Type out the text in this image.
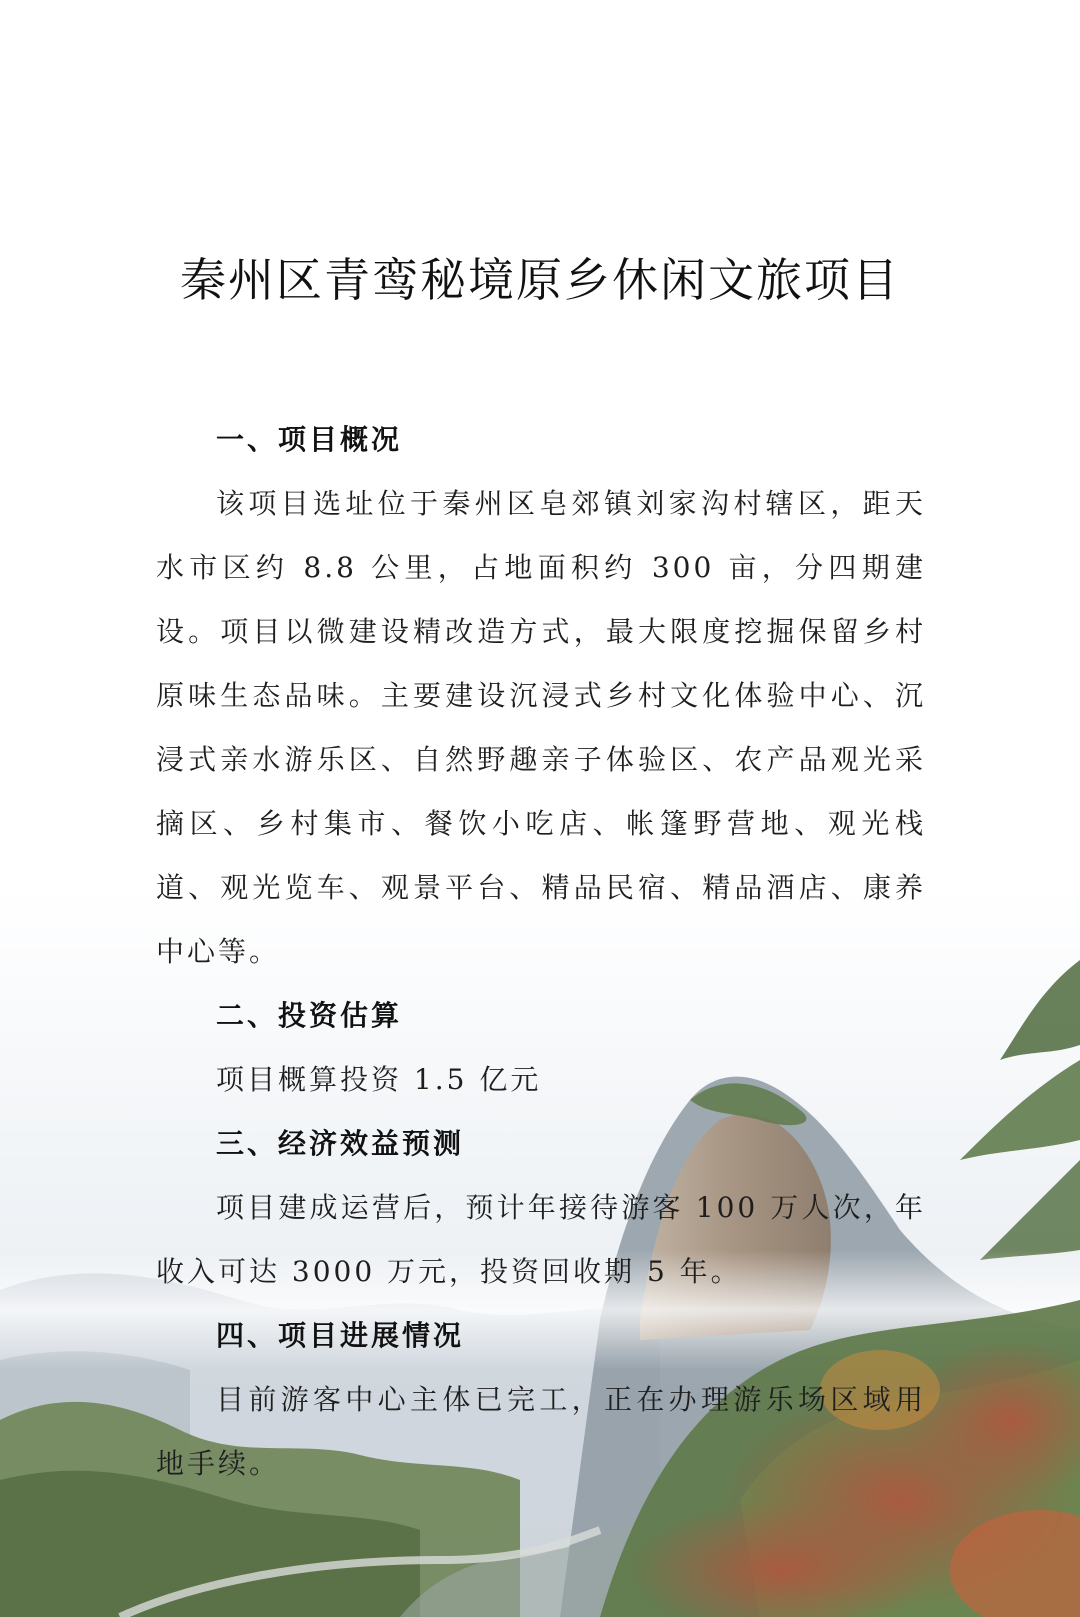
秦州区青鸾秘境原乡休闲文旅项目
一、项目概况

该项目选址位于秦州区皂郊镇刘家沟村辖区，距天水市区约 8.8 公里，占地面积约 300 亩，分四期建设。项目以微建设精改造方式，最大限度挖掘保留乡村原味生态品味。主要建设沉浸式乡村文化体验中心、沉浸式亲水游乐区、自然野趣亲子体验区、农产品观光采摘区、乡村集市、餐饮小吃店、帐篷野营地、观光栈道、观光览车、观景平台、精品民宿、精品酒店、康养中心等。

二、投资估算

项目概算投资 1.5 亿元

三、经济效益预测

项目建成运营后，预计年接待游客 100 万人次，年收入可达 3000 万元，投资回收期 5 年。

四、项目进展情况

目前游客中心主体已完工，正在办理游乐场区域用地手续。
